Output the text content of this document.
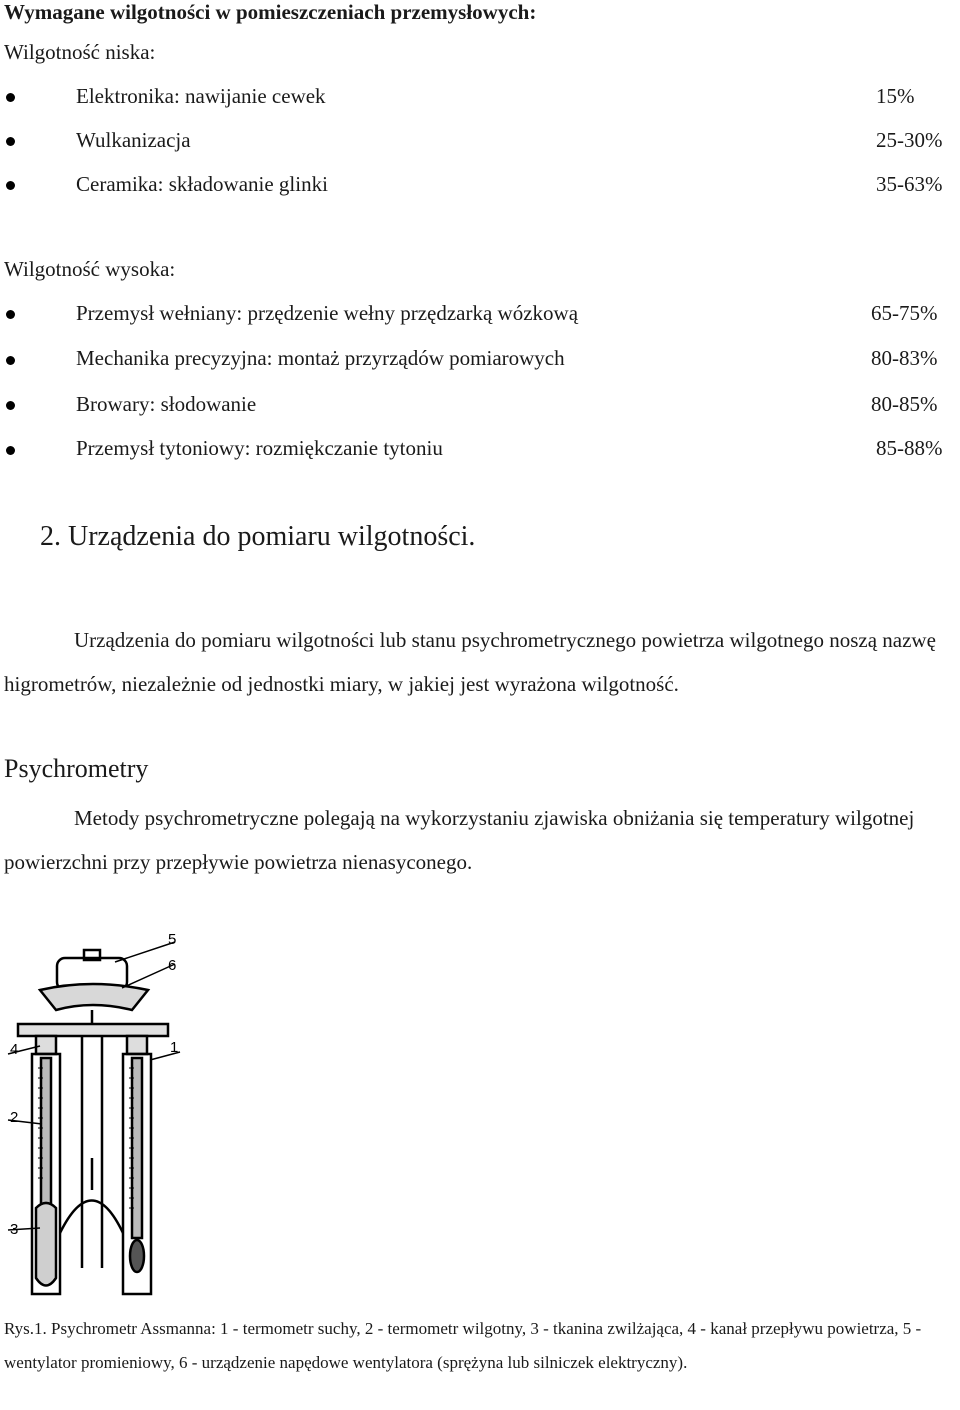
Wymagane wilgotności w pomieszczeniach przemysłowych:
Wilgotność niska:
Elektronika: nawijanie cewek	15%
Wulkanizacja	25-30%
Ceramika: składowanie glinki	35-63%
Wilgotność wysoka:
Przemysł wełniany: przędzenie wełny przędzarką wózkową	65-75%
Mechanika precyzyjna: montaż przyrządów pomiarowych	80-83%
Browary: słodowanie	80-85%
Przemysł tytoniowy: rozmiękczanie tytoniu	85-88%
2. Urządzenia do pomiaru wilgotności.
Urządzenia do pomiaru wilgotności lub stanu psychrometrycznego powietrza wilgotnego noszą nazwę higrometrów, niezależnie od jednostki miary, w jakiej jest wyrażona wilgotność.
Psychrometry
Metody psychrometryczne polegają na wykorzystaniu zjawiska obniżania się temperatury wilgotnej powierzchni przy przepływie powietrza nienasyconego.
1
2
3
4
5
6
Rys.1. Psychrometr Assmanna: 1 - termometr suchy, 2 - termometr wilgotny, 3 - tkanina zwilżająca, 4 - kanał przepływu powietrza, 5 - wentylator promieniowy, 6 - urządzenie napędowe wentylatora (sprężyna lub silniczek elektryczny).
